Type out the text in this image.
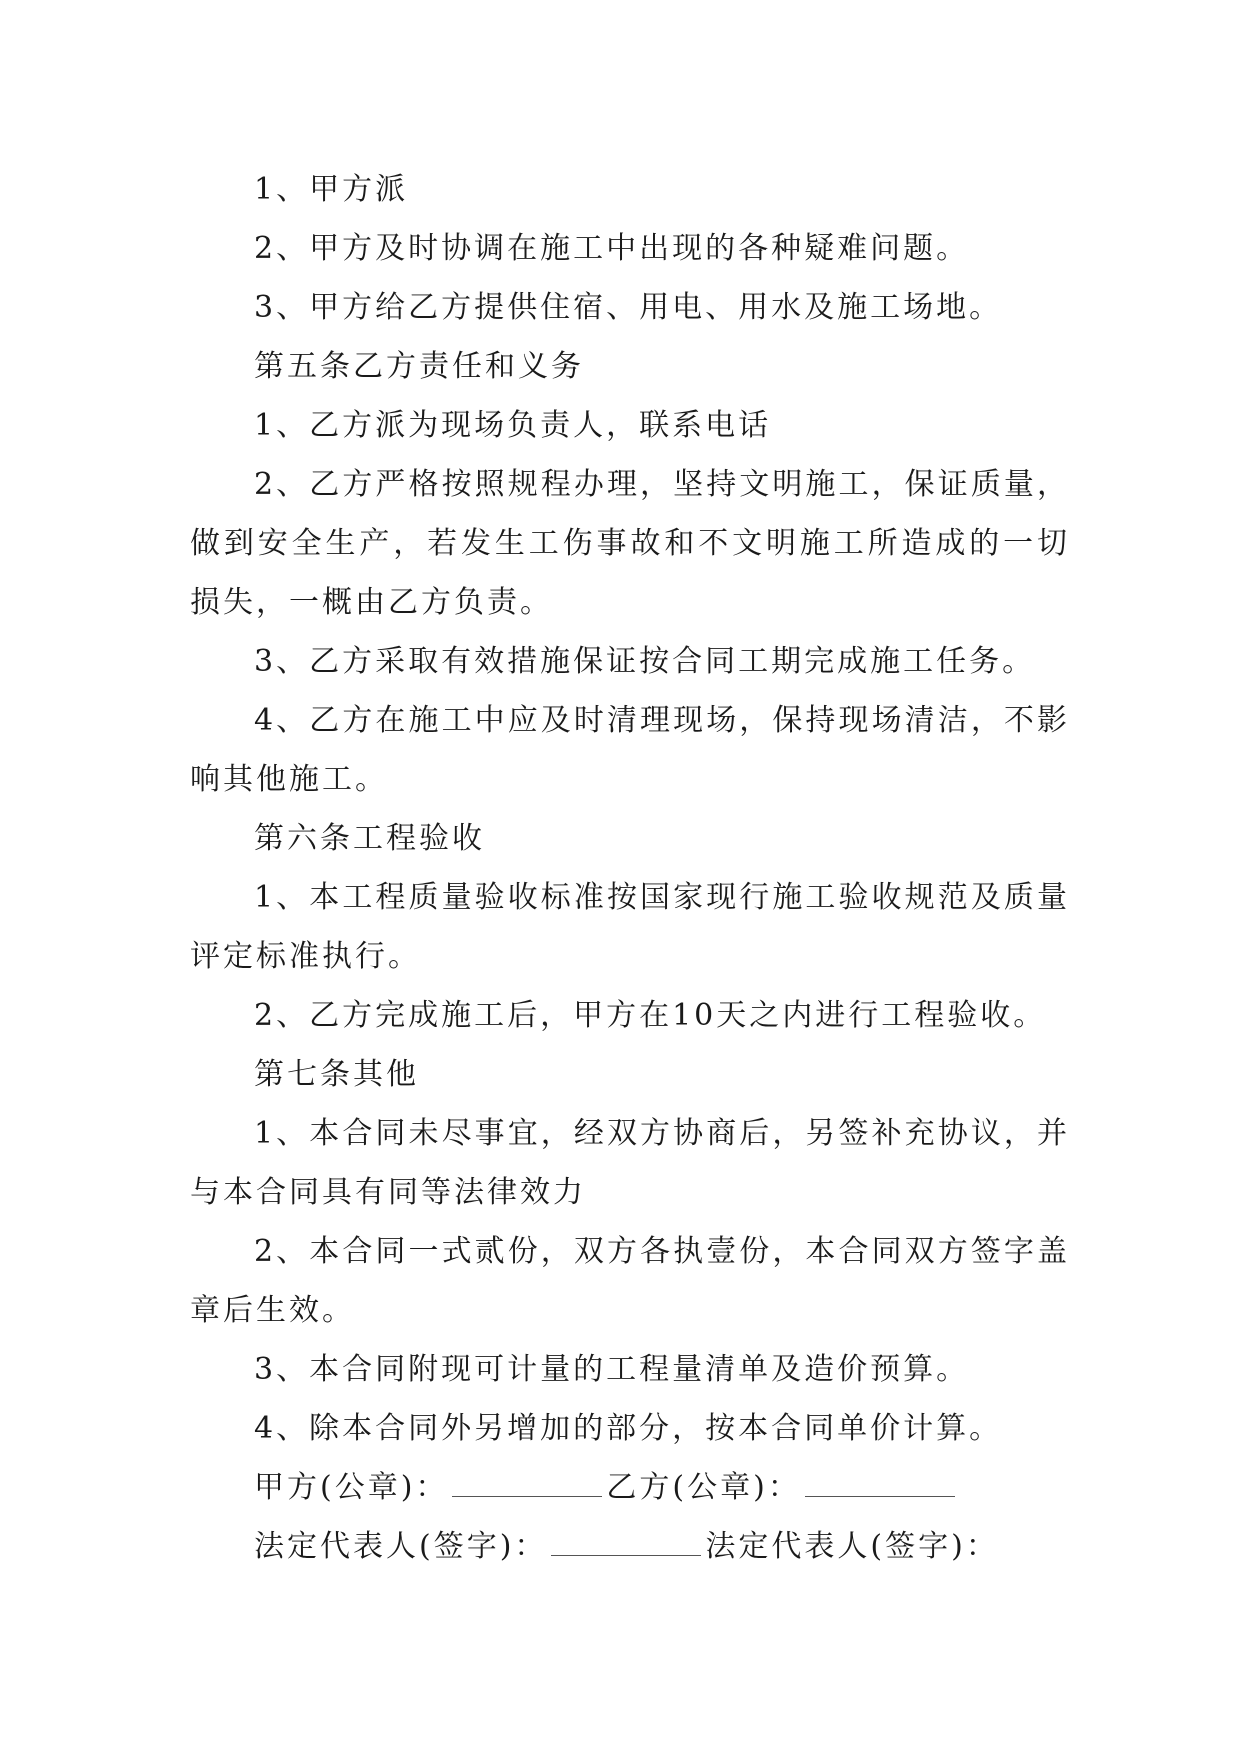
1、甲方派

2、甲方及时协调在施工中出现的各种疑难问题。

3、甲方给乙方提供住宿、用电、用水及施工场地。

第五条乙方责任和义务

1、乙方派为现场负责人，联系电话

2、乙方严格按照规程办理，坚持文明施工，保证质量，做到安全生产，若发生工伤事故和不文明施工所造成的一切损失，一概由乙方负责。

3、乙方采取有效措施保证按合同工期完成施工任务。

4、乙方在施工中应及时清理现场，保持现场清洁，不影响其他施工。

第六条工程验收

1、本工程质量验收标准按国家现行施工验收规范及质量评定标准执行。

2、乙方完成施工后，甲方在10天之内进行工程验收。

第七条其他

1、本合同未尽事宜，经双方协商后，另签补充协议，并与本合同具有同等法律效力

2、本合同一式贰份，双方各执壹份，本合同双方签字盖章后生效。

3、本合同附现可计量的工程量清单及造价预算。

4、除本合同外另增加的部分，按本合同单价计算。

甲方(公章)：	乙方(公章)：

法定代表人(签字)：	法定代表人(签字)：
